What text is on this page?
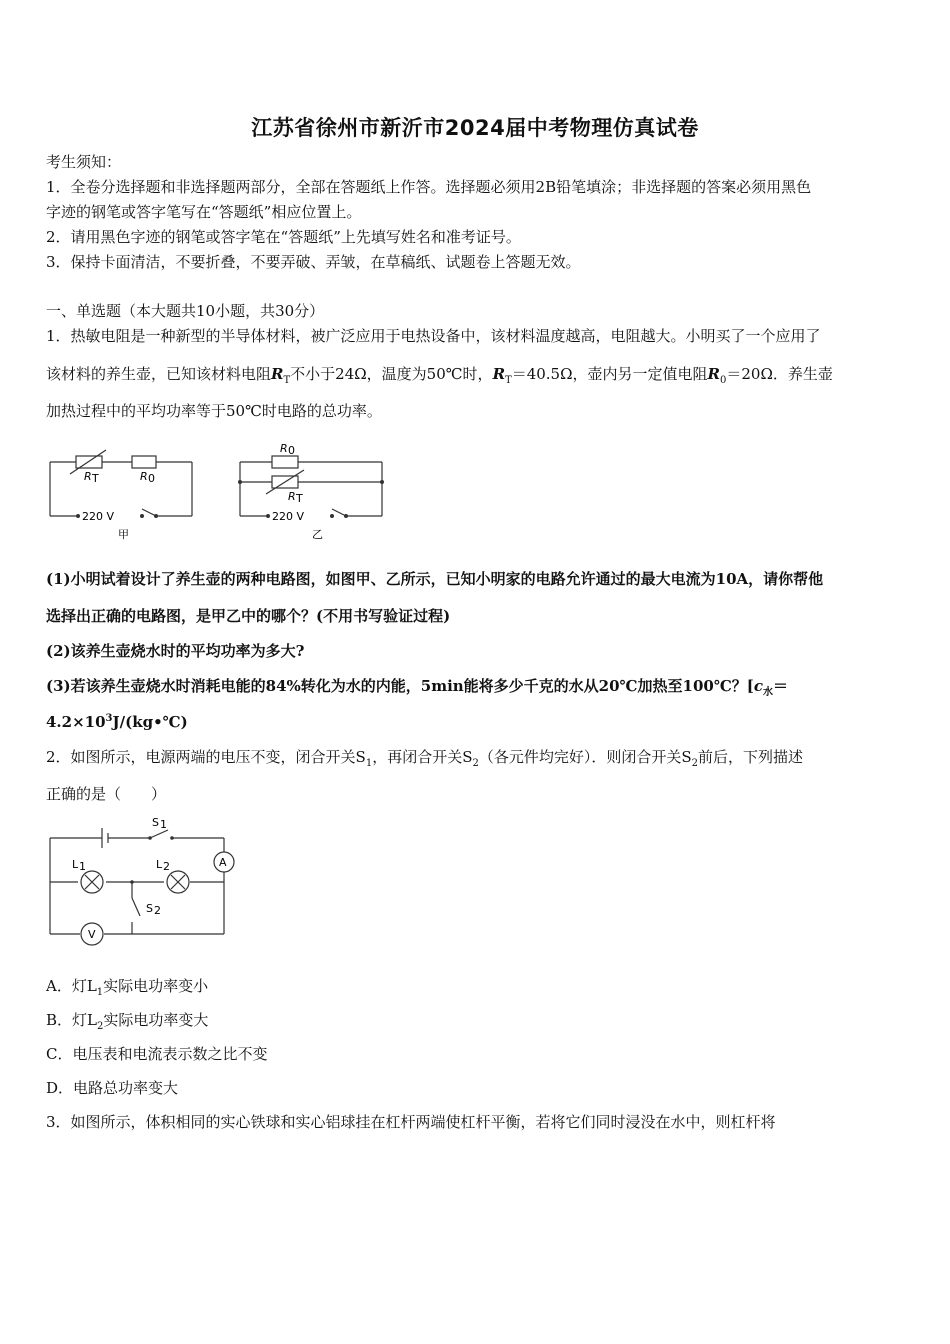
江苏省徐州市新沂市2024届中考物理仿真试卷
考生须知：
1．全卷分选择题和非选择题两部分，全部在答题纸上作答。选择题必须用2B铅笔填涂；非选择题的答案必须用黑色
字迹的钢笔或答字笔写在“答题纸”相应位置上。
2．请用黑色字迹的钢笔或答字笔在“答题纸”上先填写姓名和准考证号。
3．保持卡面清洁，不要折叠，不要弄破、弄皱，在草稿纸、试题卷上答题无效。
一、单选题（本大题共10小题，共30分）
1．热敏电阻是一种新型的半导体材料，被广泛应用于电热设备中，该材料温度越高，电阻越大。小明买了一个应用了
该材料的养生壶，已知该材料电阻$R_T$不小于24Ω，温度为50℃时，$R_T=40.5\Omega$，壶内另一定值电阻$R_0=20\Omega$．养生壶
加热过程中的平均功率等于50℃时电路的总功率。
R T	R 0
220 V
甲
R 0
R T
220 V
乙
(1)小明试着设计了养生壶的两种电路图，如图甲、乙所示，已知小明家的电路允许通过的最大电流为10A，请你帮他
选择出正确的电路图，是甲乙中的哪个？(不用书写验证过程)
(2)该养生壶烧水时的平均功率为多大?
(3)若该养生壶烧水时消耗电能的84%转化为水的内能，5min能将多少千克的水从20℃加热至100℃？[$c_水=$
$4.2\times 10^3J/(kg•℃)$
2．如图所示，电源两端的电压不变，闭合开关$S_1$，再闭合开关$S_2$（各元件均完好）．则闭合开关$S_2$前后，下列描述
正确的是（　　）
S 1
L 1	L 2
S 2
A
V
A．灯$L_1$实际电功率变小
B．灯$L_2$实际电功率变大
C．电压表和电流表示数之比不变
D．电路总功率变大
3．如图所示，体积相同的实心铁球和实心铝球挂在杠杆两端使杠杆平衡，若将它们同时浸没在水中，则杠杆将
